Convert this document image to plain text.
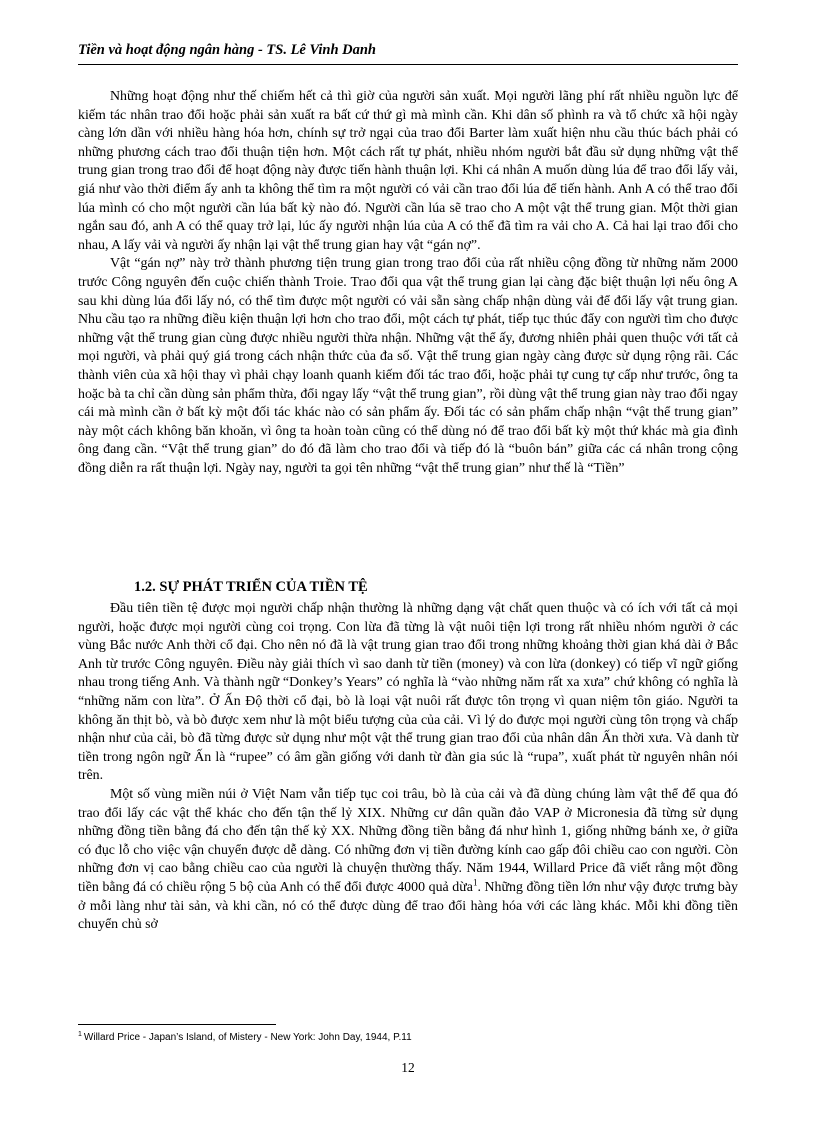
Tiền và hoạt động ngân hàng - TS. Lê Vinh Danh

Những hoạt động như thế chiếm hết cả thì giờ của người sản xuất. Mọi người lãng phí rất nhiều nguồn lực để kiếm tác nhân trao đổi hoặc phải sản xuất ra bất cứ thứ gì mà mình cần. Khi dân số phình ra và tổ chức xã hội ngày càng lớn dần với nhiều hàng hóa hơn, chính sự trở ngại của trao đổi Barter làm xuất hiện nhu cầu thúc bách phải có những phương cách trao đổi thuận tiện hơn. Một cách rất tự phát, nhiều nhóm người bắt đầu sử dụng những vật thể trung gian trong trao đổi để hoạt động này được tiến hành thuận lợi. Khi cá nhân A muốn dùng lúa để trao đổi lấy vải, giá như vào thời điểm ấy anh ta không thể tìm ra một người có vải cần trao đổi lúa để tiến hành. Anh A có thể trao đổi lúa mình có cho một người cần lúa bất kỳ nào đó. Người cần lúa sẽ trao cho A một vật thể trung gian. Một thời gian ngắn sau đó, anh A có thể quay trở lại, lúc ấy người nhận lúa của A có thể đã tìm ra vải cho A. Cả hai lại trao đổi cho nhau, A lấy vải và người ấy nhận lại vật thể trung gian hay vật “gán nợ”.

Vật “gán nợ” này trở thành phương tiện trung gian trong trao đổi của rất nhiều cộng đồng từ những năm 2000 trước Công nguyên đến cuộc chiến thành Troie. Trao đổi qua vật thể trung gian lại càng đặc biệt thuận lợi nếu ông A sau khi dùng lúa đổi lấy nó, có thể tìm được một người có vải sẵn sàng chấp nhận dùng vải để đổi lấy vật trung gian. Nhu cầu tạo ra những điều kiện thuận lợi hơn cho trao đổi, một cách tự phát, tiếp tục thúc đẩy con người tìm cho được những vật thể trung gian cùng được nhiều người thừa nhận. Những vật thể ấy, đương nhiên phải quen thuộc với tất cả mọi người, và phải quý giá trong cách nhận thức của đa số. Vật thể trung gian ngày càng được sử dụng rộng rãi. Các thành viên của xã hội thay vì phải chạy loanh quanh kiếm đối tác trao đổi, hoặc phải tự cung tự cấp như trước, ông ta hoặc bà ta chỉ cần dùng sản phẩm thừa, đổi ngay lấy “vật thể trung gian”, rồi dùng vật thể trung gian này trao đổi ngay cái mà mình cần ở bất kỳ một đối tác khác nào có sản phẩm ấy. Đối tác có sản phẩm chấp nhận “vật thể trung gian” này một cách không băn khoăn, vì ông ta hoàn toàn cũng có thể dùng nó để trao đổi bất kỳ một thứ khác mà gia đình ông đang cần. “Vật thể trung gian” do đó đã làm cho trao đổi và tiếp đó là “buôn bán” giữa các cá nhân trong cộng đồng diễn ra rất thuận lợi. Ngày nay, người ta gọi tên những “vật thể trung gian” như thế là “Tiền”

1.2. SỰ PHÁT TRIỂN CỦA TIỀN TỆ

Đầu tiên tiền tệ được mọi người chấp nhận thường là những dạng vật chất quen thuộc và có ích với tất cả mọi người, hoặc được mọi người cùng coi trọng. Con lừa đã từng là vật nuôi tiện lợi trong rất nhiều nhóm người ở các vùng Bắc nước Anh thời cổ đại. Cho nên nó đã là vật trung gian trao đổi trong những khoảng thời gian khá dài ở Bắc Anh từ trước Công nguyên. Điều này giải thích vì sao danh từ tiền (money) và con lừa (donkey) có tiếp vĩ ngữ giống nhau trong tiếng Anh. Và thành ngữ “Donkey’s Years” có nghĩa là “vào những năm rất xa xưa” chứ không có nghĩa là “những năm con lừa”. Ở Ấn Độ thời cổ đại, bò là loại vật nuôi rất được tôn trọng vì quan niệm tôn giáo. Người ta không ăn thịt bò, và bò được xem như là một biểu tượng của của cải. Vì lý do được mọi người cùng tôn trọng và chấp nhận như của cải, bò đã từng được sử dụng như một vật thể trung gian trao đổi của nhân dân Ấn thời xưa. Và danh từ tiền trong ngôn ngữ Ấn là “rupee” có âm gần giống với danh từ đàn gia súc là “rupa”, xuất phát từ nguyên nhân nói trên.

Một số vùng miền núi ở Việt Nam vẫn tiếp tục coi trâu, bò là của cải và đã dùng chúng làm vật thể để qua đó trao đổi lấy các vật thể khác cho đến tận thế lỷ XIX. Những cư dân quần đảo VAP ở Micronesia đã từng sử dụng những đồng tiền bằng đá cho đến tận thế kỷ XX. Những đồng tiền bằng đá như hình 1, giống những bánh xe, ở giữa có đục lỗ cho việc vận chuyển được dễ dàng. Có những đơn vị tiền đường kính cao gấp đôi chiều cao con người. Còn những đơn vị cao bằng chiều cao của người là chuyện thường thấy. Năm 1944, Willard Price đã viết rằng một đồng tiền bằng đá có chiều rộng 5 bộ của Anh có thể đổi được 4000 quả dừa$^1$. Những đồng tiền lớn như vậy được trưng bày ở mỗi làng như tài sản, và khi cần, nó có thể được dùng để trao đổi hàng hóa với các làng khác. Mỗi khi đồng tiền chuyển chủ sở

$^1$ Willard Price - Japan’s Island, of Mistery - New York: John Day, 1944, P.11
12
